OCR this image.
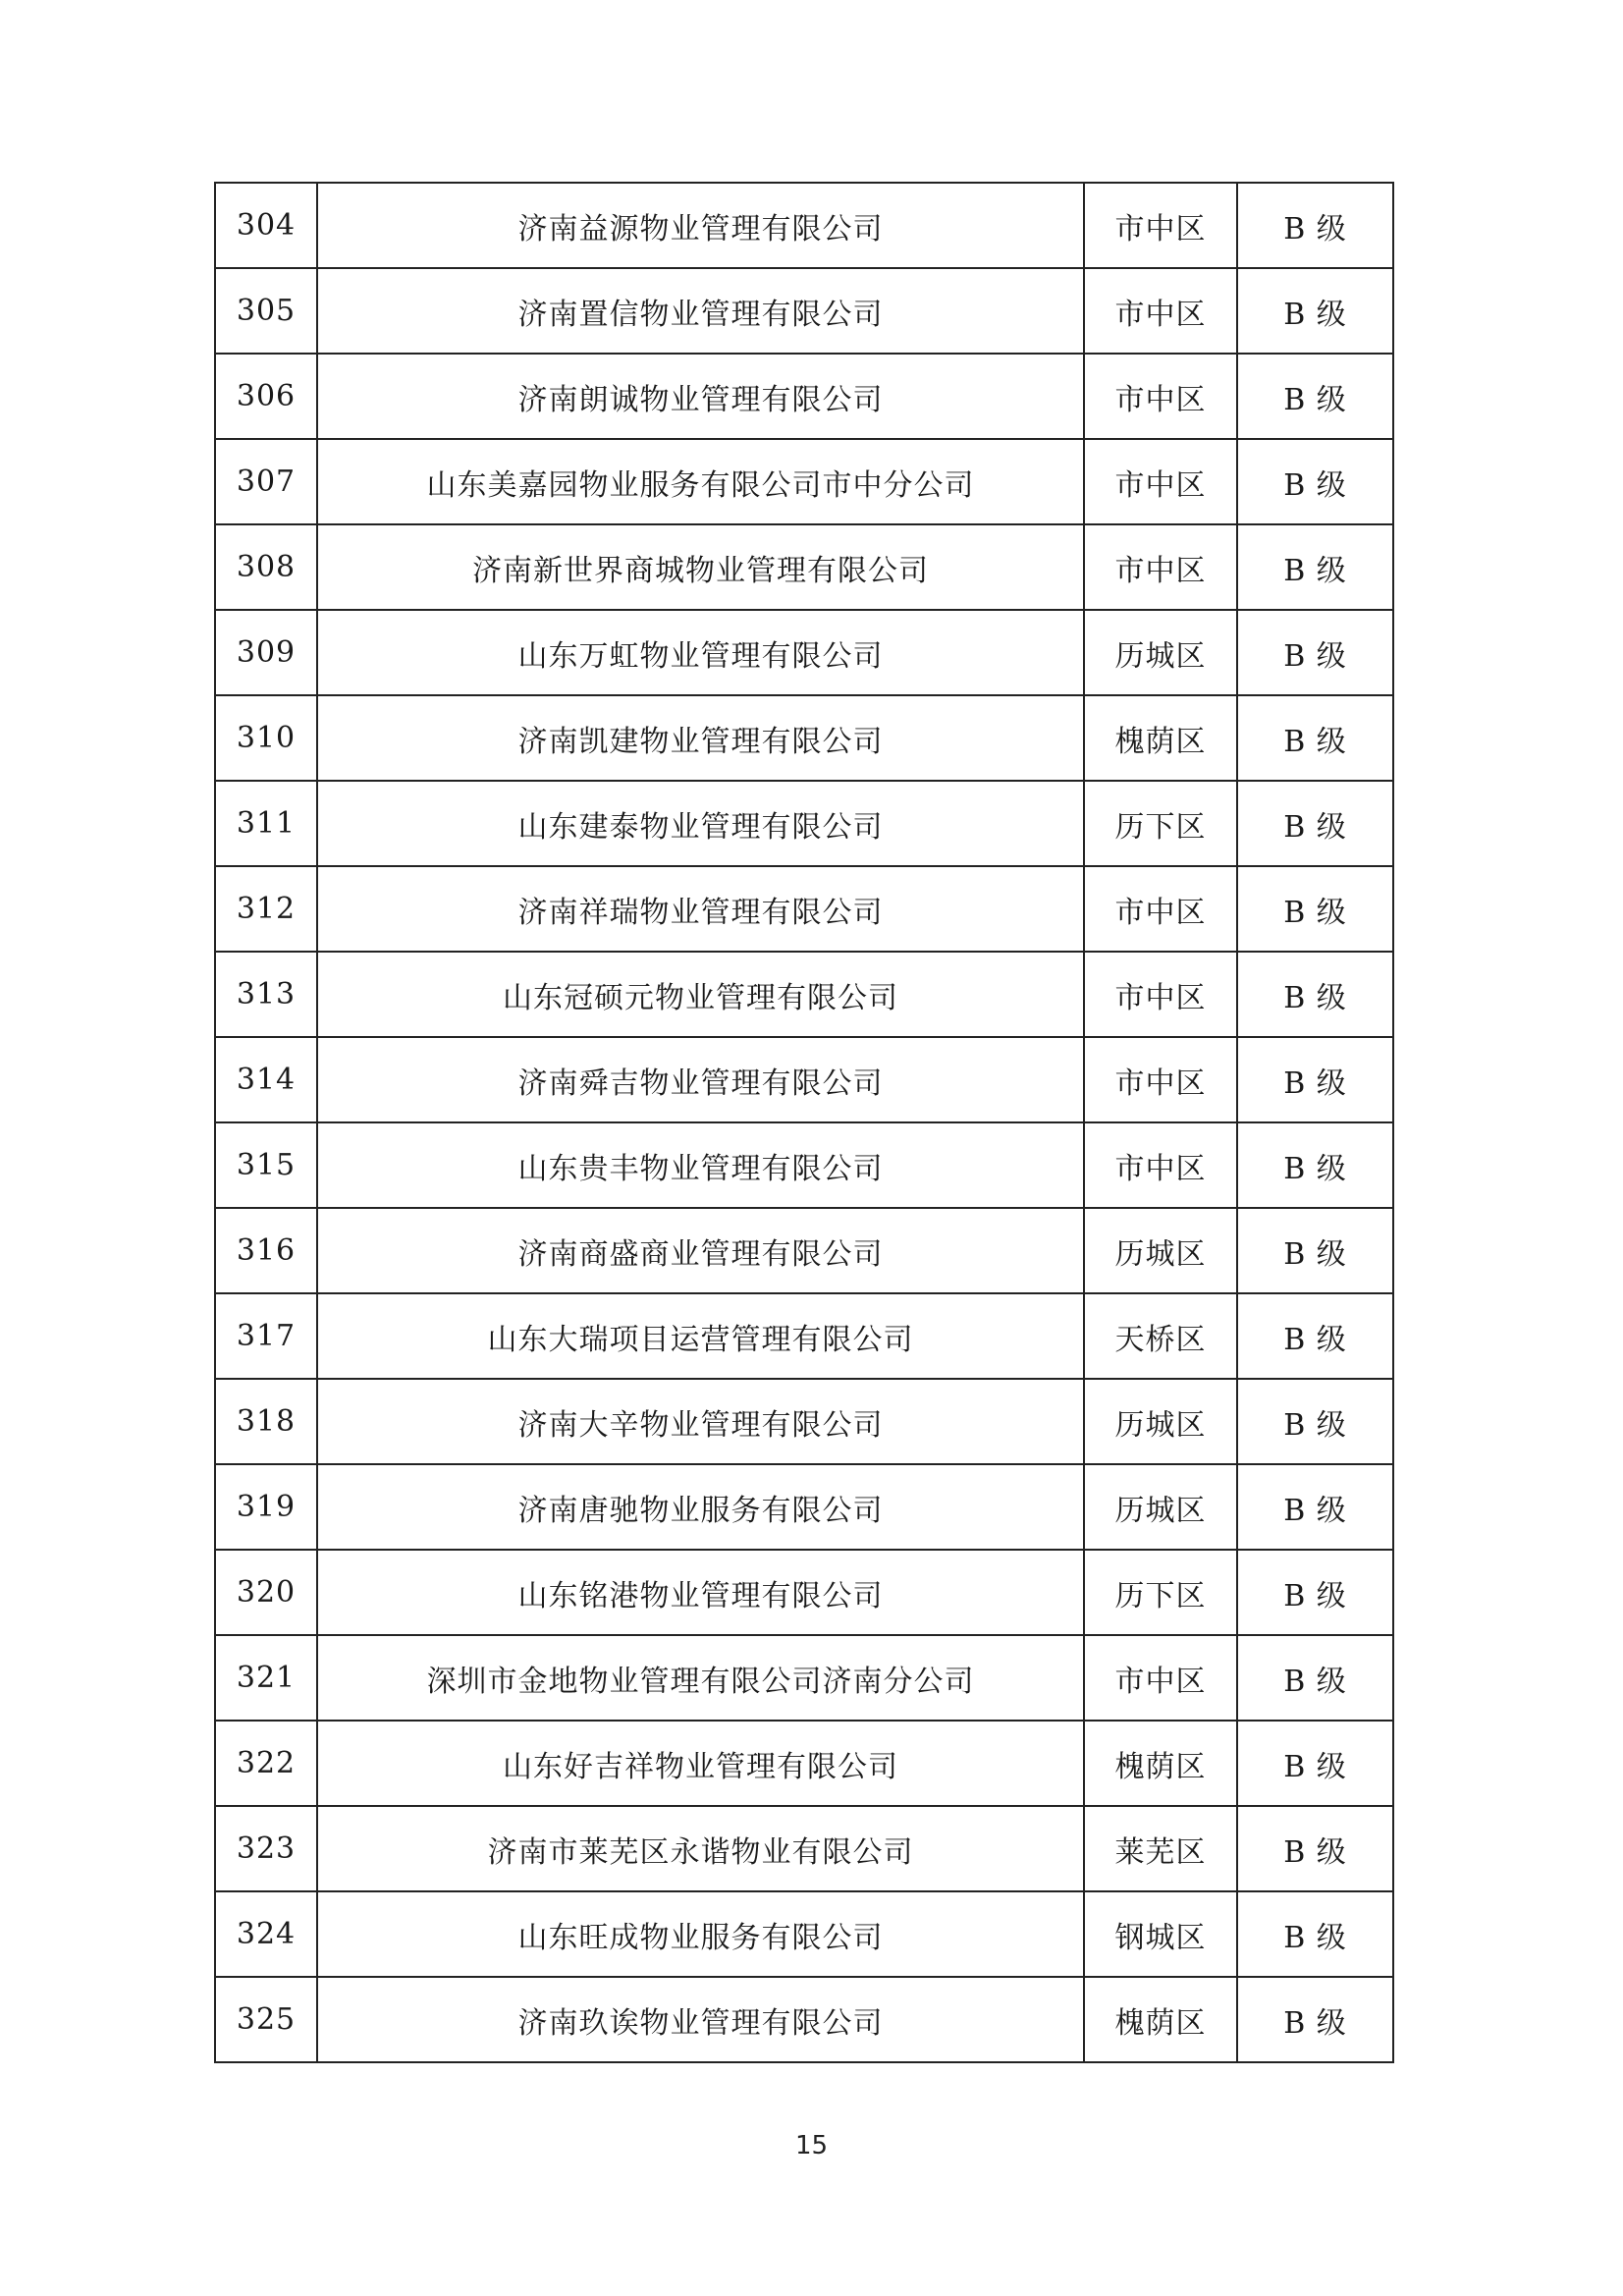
304	济南益源物业管理有限公司	市中区	B 级
305	济南置信物业管理有限公司	市中区	B 级
306	济南朗诚物业管理有限公司	市中区	B 级
307	山东美嘉园物业服务有限公司市中分公司	市中区	B 级
308	济南新世界商城物业管理有限公司	市中区	B 级
309	山东万虹物业管理有限公司	历城区	B 级
310	济南凯建物业管理有限公司	槐荫区	B 级
311	山东建泰物业管理有限公司	历下区	B 级
312	济南祥瑞物业管理有限公司	市中区	B 级
313	山东冠硕元物业管理有限公司	市中区	B 级
314	济南舜吉物业管理有限公司	市中区	B 级
315	山东贵丰物业管理有限公司	市中区	B 级
316	济南商盛商业管理有限公司	历城区	B 级
317	山东大瑞项目运营管理有限公司	天桥区	B 级
318	济南大辛物业管理有限公司	历城区	B 级
319	济南唐驰物业服务有限公司	历城区	B 级
320	山东铭港物业管理有限公司	历下区	B 级
321	深圳市金地物业管理有限公司济南分公司	市中区	B 级
322	山东好吉祥物业管理有限公司	槐荫区	B 级
323	济南市莱芜区永谐物业有限公司	莱芜区	B 级
324	山东旺成物业服务有限公司	钢城区	B 级
325	济南玖诶物业管理有限公司	槐荫区	B 级
15
